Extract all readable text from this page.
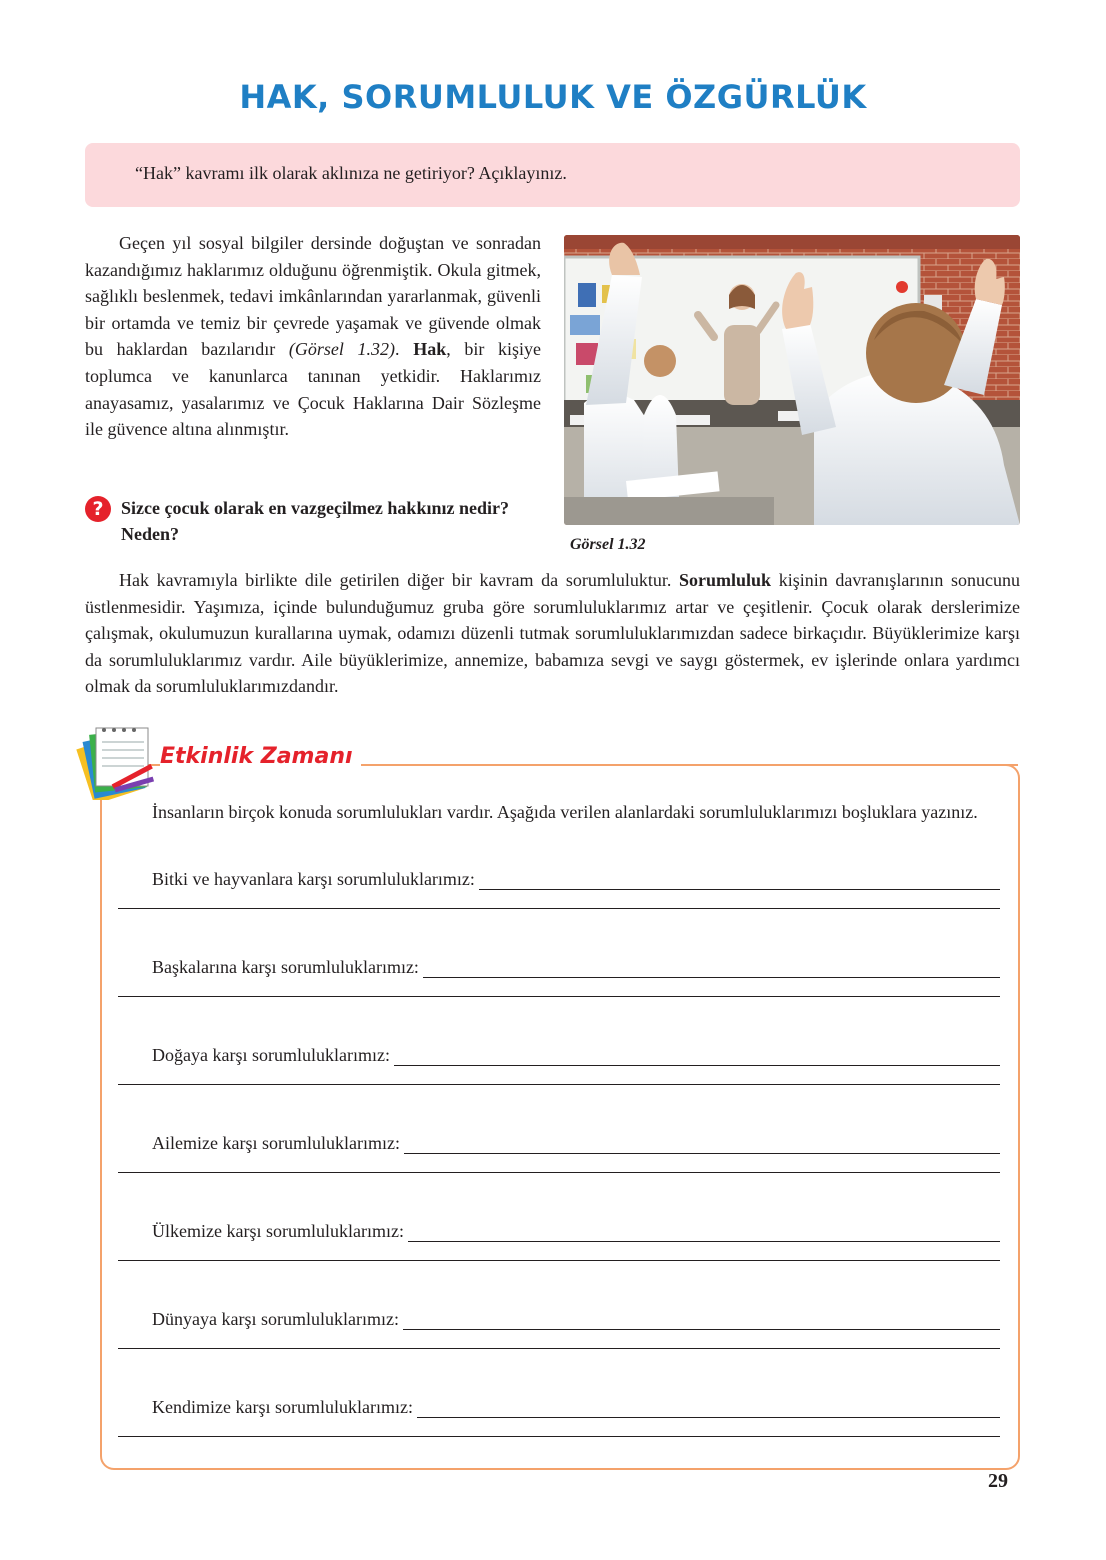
HAK, SORUMLULUK VE ÖZGÜRLÜK
“Hak” kavramı ilk olarak aklınıza ne getiriyor? Açıklayınız.

Geçen yıl sosyal bilgiler dersinde doğuştan ve sonradan kazandığımız haklarımız olduğunu öğrenmiştik. Okula gitmek, sağlıklı beslenmek, tedavi imkânlarından yararlanmak, güvenli bir ortamda ve temiz bir çevrede yaşamak ve güvende olmak bu haklardan bazılarıdır (Görsel 1.32). Hak, bir kişiye toplumca ve kanunlarca tanınan yetkidir. Haklarımız anayasamız, yasalarımız ve Çocuk Haklarına Dair Sözleşme ile güvence altına alınmıştır.

? Sizce çocuk olarak en vazgeçilmez hakkınız nedir? Neden?
Görsel 1.32

Hak kavramıyla birlikte dile getirilen diğer bir kavram da sorumluluktur. Sorumluluk kişinin davranışlarının sonucunu üstlenmesidir. Yaşımıza, içinde bulunduğumuz gruba göre sorumluluklarımız artar ve çeşitlenir. Çocuk olarak derslerimize çalışmak, okulumuzun kurallarına uymak, odamızı düzenli tutmak sorumluluklarımızdan sadece birkaçıdır. Büyüklerimize karşı da sorumluluklarımız vardır. Aile büyüklerimize, annemize, babamıza sevgi ve saygı göstermek, ev işlerinde onlara yardımcı olmak da sorumluluklarımızdandır.

Etkinlik Zamanı

İnsanların birçok konuda sorumlulukları vardır. Aşağıda verilen alanlardaki sorumluluklarımızı boşluklara yazınız.

Bitki ve hayvanlara karşı sorumluluklarımız:
Başkalarına karşı sorumluluklarımız:
Doğaya karşı sorumluluklarımız:
Ailemize karşı sorumluluklarımız:
Ülkemize karşı sorumluluklarımız:
Dünyaya karşı sorumluluklarımız:
Kendimize karşı sorumluluklarımız:
29
